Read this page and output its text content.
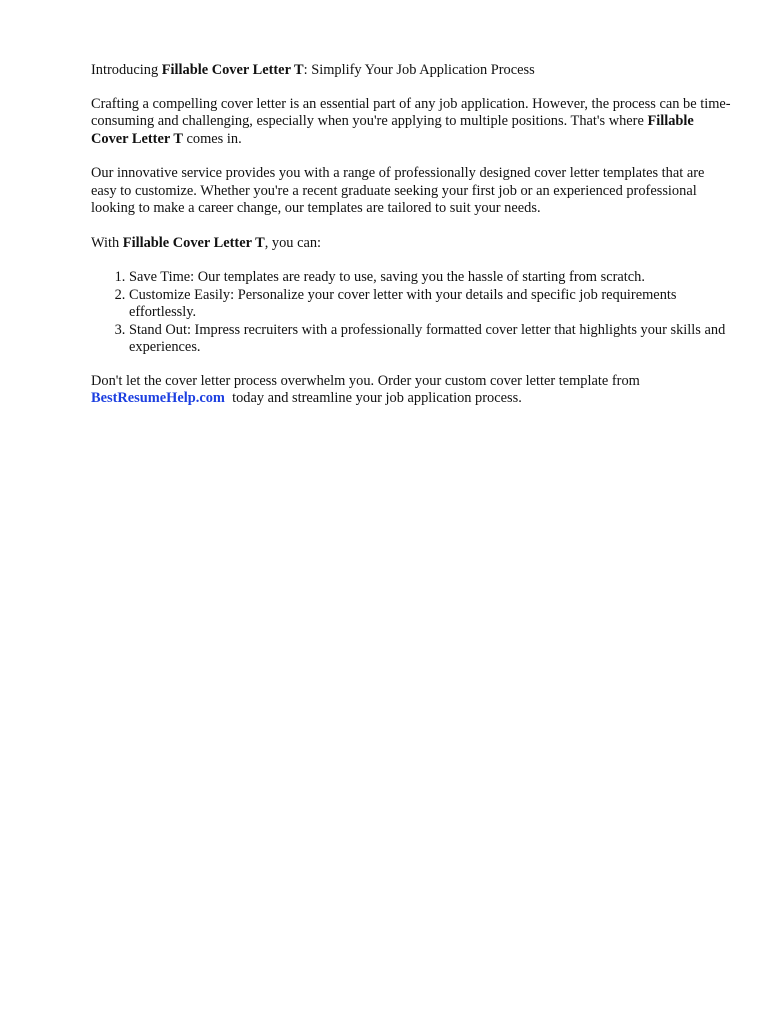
Introducing Fillable Cover Letter T: Simplify Your Job Application Process

Crafting a compelling cover letter is an essential part of any job application. However, the process can be time-consuming and challenging, especially when you're applying to multiple positions. That's where Fillable Cover Letter T comes in.

Our innovative service provides you with a range of professionally designed cover letter templates that are easy to customize. Whether you're a recent graduate seeking your first job or an experienced professional looking to make a career change, our templates are tailored to suit your needs.

With Fillable Cover Letter T, you can:

1. Save Time: Our templates are ready to use, saving you the hassle of starting from scratch.
2. Customize Easily: Personalize your cover letter with your details and specific job requirements effortlessly.
3. Stand Out: Impress recruiters with a professionally formatted cover letter that highlights your skills and experiences.

Don't let the cover letter process overwhelm you. Order your custom cover letter template from BestResumeHelp.com  today and streamline your job application process.
